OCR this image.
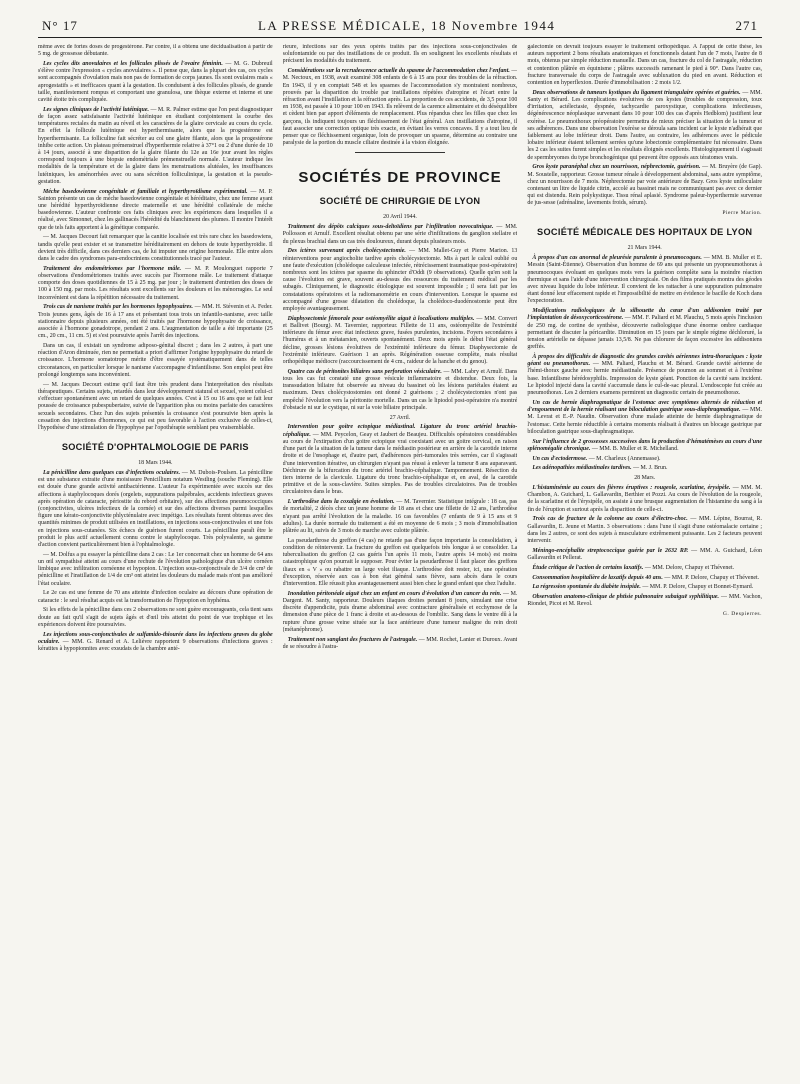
N° 17	LA PRESSE MÉDICALE, 18 Novembre 1944	271

même avec de fortes doses de progestérone. Par contre, il a obtenu une décidualisation à partir de 5 mg. de grossesse débutante.

Les cycles dits anovulaires et les follicules plissés de l'ovaire féminin. — M. G. Dubreuil s'élève contre l'expression « cycles anovulaires ». Il pense que, dans la plupart des cas, ces cycles sont accompagnés d'ovulation mais non pas de formation de corps jaunes. Ils sont ovulaires mais « aprogestatifs » et inefficaces quant à la gestation. Ils conduisent à des follicules plissés, de grande taille, manifestement rompus et comportant une granulosa, une thèque externe et interne et une cavité étoite très compliquée.

Les signes cliniques de l'activité lutéinique. — M. R. Palmer estime que l'on peut diagnostiquer de façon assez satisfaisante l'activité lutéinique en étudiant conjointement la courbe des températures rectales du matin au réveil et les caractères de la glaire cervicale au cours du cycle. En effet la follicule lutéinique est hyperthermisante, alors que la progestérone est hyperthermisante. La folliculine fait sécréter au col une glaire filante, alors que la progestérone inhibe cette action. Un plateau prémenstruel d'hyperthermie relative à 37°1 ou 2 d'une durée de 10 à 14 jours, associé à une disparition de la glaire filante du 12e au 16e jour avant les règles correspond toujours à une biopsie endométriale prémenstruelle normale. L'auteur indique les modalités de la température et de la glaire dans les menstruations alutéales, les insuffisances lutéiniques, les aménorrhées avec ou sans sécrétion folliculinique, la gestation et la pseudo-gestation.

Méche basedowienne congénitale et familiale et hyperthyroïdisme expérimental. — M. P. Sainton présente un cas de mèche basedowienne congénitale et héréditaire, chez une femme ayant une hérédité hyperthyroïdienne directe maternelle et une hérédité collatérale de mèche basedowienne. L'auteur confronte ces faits cliniques avec les expériences dans lesquelles il a réalisé, avec Simonnet, chez les gallinacés l'hérédité du blanchiment des plumes. Il montre l'intérêt que de tels faits apportent à la génétique comparée.

— M. Jacques Decourt fait remarquer que la canitie localisée est très rare chez les basedowiens, tandis qu'elle peut exister et se transmettre héréditairement en dehors de toute hyperthyroïdie. Il devient très difficile, dans ces derniers cas, de lui imputer une origine hormonale. Elle entre alors dans le cadre des syndromes para-endocriniens constitutionnels tracé par l'auteur.

Traitement des endométriomes par l'hormone mâle. — M. P. Moulonguet rapporte 7 observations d'endométriomes traités avec succès par l'hormone mâle. Le traitement d'attaque comporte des doses quotidiennes de 15 à 25 mg. par jour ; le traitement d'entretien des doses de 100 à 150 mg. par mois. Les résultats sont excellents sur les douleurs et les ménorragies. Le seul inconvénient est dans la répétition nécessaire du traitement.

Trois cas de nanisme traités par les hormones hypophysaires. — MM. H. Stévenin et A. Feder. Trois jeunes gens, âgés de 16 à 17 ans et présentant tous trois un infantilo-nanisme, avec taille stationnaire depuis plusieurs années, ont été traités par l'hormone hypophysaire de croissance, associée à l'hormone gonadotrope, pendant 2 ans. L'augmentation de taille a été importante (25 cm., 20 cm., 11 cm. 5) et s'est poursuivie après l'arrêt des injections.

Dans un cas, il existait un syndrome adiposo-génital discret ; dans les 2 autres, à part une réaction d'Aron diminuée, rien ne permettait a priori d'affirmer l'origine hypophysaire du retard de croissance. L'hormone somatotrope mérite d'être essayée systématiquement dans de telles circonstances, en particulier lorsque le nanisme s'accompagne d'infantilisme. Son emploi peut être prolongé longtemps sans inconvénient.

— M. Jacques Decourt estime qu'il faut être très prudent dans l'interprétation des résultats thérapeutiques. Certains sujets, retardés dans leur développement statural et sexuel, voient celui-ci s'effectuer spontanément avec un retard de quelques années. C'est à 15 ou 16 ans que se fait leur poussée de croissance pubespubertaire, suivie de l'apparition plus ou moins parfaite des caractères sexuels secondaires. Chez l'un des sujets présentés la croissance s'est poursuivie bien après la cessation des injections d'hormones, ce qui est peu favorable à l'action exclusive de celles-ci, l'hypothèse d'une stimulation de l'hypophyse par l'opothérapie semblant peu vraisemblable.

SOCIÉTÉ D'OPHTALMOLOGIE DE PARIS

18 Mars 1944.

La pénicilline dans quelques cas d'infections oculaires. — M. Dubois-Poulsen. La pénicilline est une substance extraite d'une moisissure Penicillium notatum Westling (souche Fleming). Elle est douée d'une grande activité antibactérienne. L'auteur l'a expérimentée avec succès sur des affections à staphylocoques dorés (orgelets, suppurations palpébrales, accidents infectieux graves après opération de cataracte, périostite du rebord orbitaire), sur des affections pneumococciques (conjonctivites, ulcères infectieux de la cornée) et sur des affections diverses parmi lesquelles figure une kérato-conjonctivite phlycténulaire avec impétigo. Les résultats furent obtenus avec des quantités minimes de produit utilisées en instillations, en injections sous-conjonctivales et une fois en injections sous-cutanées. Six échecs de guérison furent courts. La pénicilline paraît être le produit le plus actif actuellement connu contre le staphylocoque. Très polyvalente, sa gamme d'action convient particulièrement bien à l'ophtalmologie.

— M. Dolfus a pu essayer la pénicilline dans 2 cas : Le 1er concernait chez un homme de 64 ans un œil sympathisé atteint au cours d'une rechute de l'évolution pathologique d'un ulcère cornéen limbique avec infiltration cornéenne et hypopion. L'injection sous-conjonctivale de 3/4 de cm³ de pénicilline et l'instillation de 1/4 de cm³ ont atteint les douleurs du malade mais n'ont pas amélioré l'état oculaire.

Le 2e cas est une femme de 70 ans atteinte d'infection oculaire au décours d'une opération de cataracte : le seul résultat acquis est la transformation de l'hypopion en hyphéma.

Si les effets de la pénicilline dans ces 2 observations ne sont guère encourageants, cela tient sans doute au fait qu'il s'agit de sujets âgés et d'œil très atteint du point de vue trophique et les expériences doivent être poursuivies.

Les injections sous-conjonctivales de sulfamido-thiourée dans les infections graves du globe oculaire. — MM. G. Renard et A. Lelièvre rapportent 9 observations d'infections graves : kératites à hypopionnites avec exsudats de la chambre anté-

rieure, infections sur des yeux opérés traités par des injections sous-conjonctivales de solufontamide ou par des instillations de ce produit. Ils en soulignent les excellents résultats et précisent les modalités du traitement.

Considérations sur la recrudescence actuelle du spasme de l'accommodation chez l'enfant. — M. Nectoux, en 1938, avait examiné 308 enfants de 6 à 15 ans pour des troubles de la réfraction. En 1943, il y en comptait 548 et les spasmes de l'accommodation s'y montraient nombreux, prouvés par la disparition du trouble par instillations répétées d'atropine et l'écart entre la réfraction avant l'instillation et la réfraction après. La proportion de ces accidents, de 3,5 pour 100 en 1938, est passée à 10 pour 100 en 1943. Ils relèvent de la carence alimentaire et du déséquilibre et cèdent bien par apport d'éléments de remplacement. Plus répandus chez les filles que chez les garçons, ils indiquent toujours un fléchissement de l'état général. Aux instillations d'atropine, il faut associer une correction optique très exacte, en évitant les verres concaves. Il y a tout lieu de penser que ce fléchissement organique, loin de provoquer un spasme, détermine au contraire une paralysie de la portion du muscle ciliaire destinée à la vision éloignée.

SOCIÉTÉS DE PROVINCE
SOCIÉTÉ DE CHIRURGIE DE LYON

20 Avril 1944.

Traitement des dépôts calciques sous-deltoïdiens par l'infiltration novocaïnique. — MM. Pollosson et Arnulf. Excellent résultat obtenu par une série d'infiltrations du ganglion stellaire et du plexus brachial dans un cas très douloureux, durant depuis plusieurs mois.

Des ictères survenant après cholécystectomie. — MM. Mallet-Guy et Pierre Marion. 13 réinterventions pour angiocholite tardive après cholécystectomie. Mis à part le calcul oublié ou une faute d'exécution (cholédoque calculeuse infectée, rétrécissement traumatique post-opératoire) nombreux sont les ictères par spasme du sphincter d'Oddi (9 observations). Quelle qu'en soit la cause l'évolution est grave, souvent au-dessus des ressources du traitement médical par les subagés. Cliniquement, le diagnostic étiologique est souvent impossible ; il sera fait par les constatations opératoires et la radiomanométrie en cours d'intervention. Lorsque le spasme est accompagné d'une grosse dilatation du cholédoque, la cholédoco-duodénostomie peut être employée avantageusement.

Diaphysectomie fémorale pour ostéomyélite aiguë à localisations multiples. — MM. Convert et Ballivet (Bourg). M. Tavernier, rapporteur. Fillette de 11 ans, ostéomyélite de l'extrémité inférieure du fémur avec état infectieux grave, fusées purulentes, incisions. Foyers secondaires à l'humérus et à un métatarsien, ouverts spontanément. Deux mois après le début l'état général décline, grosses lésions évolutives de l'extrémité inférieure du fémur. Diaphysectomie de l'extrémité inférieure. Guérison 1 an après. Régénération osseuse complète, mais résultat orthopédique médiocre (raccourcissement de 4 cm., raideur de la hanche et du genou).

Quatre cas de péritonites biliaires sans perforation vésiculaire. — MM. Labry et Arnulf. Dans tous les cas fut constaté une grosse vésicule inflammatoire et distendue. Deux fois, la transsudation biliaire fut observée au niveau du bassinet où les lésions pariétales étaient au maximum. Deux cholécystostomies ont donné 2 guérisons ; 2 cholécystectomies n'ont pas empêché l'évolution vers la péritonite mortelle. Dans un cas le lipiodol post-opératoire n'a montré d'obstacle ni sur le cystique, ni sur la voie biliaire principale.

27 Avril.

Intervention pour goitre ectopique médiastinal. Ligature du tronc artériel brachio-céphalique. — MM. Peycelon, Geay et Jaubert de Beaujeu. Difficultés opératoires considérables au cours de l'extirpation d'un goitre ectopique vrai coexistant avec un goitre cervical, en raison d'une part de la situation de la tumeur dans le médiastin postérieur en arrière de la carotide interne droite et de l'œsophage et, d'autre part, d'adhérences péri-tumorales très serrées, car il s'agissait d'une intervention itérative, un chirurgien n'ayant pas réussi à enlever la tumeur 8 ans auparavant. Déchirure de la bifurcation du tronc artériel brachio-céphalique. Tamponnement. Résection du tiers interne de la clavicule. Ligature du tronc brachio-céphalique et, en aval, de la carotide primitive et de la sous-clavière. Suites simples. Pas de troubles circulatoires. Pas de troubles circulatoires dans le bras.

L'arthrodèse dans la coxalgie en évolution. — M. Tavernier. Statistique intégrale : 18 cas, pas de mortalité, 2 décès chez un jeune homme de 18 ans et chez une fillette de 12 ans, l'arthrodèse n'ayant pas arrêté l'évolution de la maladie. 16 cas favorables (7 enfants de 9 à 15 ans et 9 adultes). La durée normale du traitement a été en moyenne de 6 mois ; 3 mois d'immobilisation plâtrée au lit, suivis de 3 mois de marche avec culotte plâtrée.

La pseudarthrose du greffon (4 cas) ne retarde pas d'une façon importante la consolidation, à condition de réintervenir. La fracture du greffon est quelquefois très longue à se consolider. La tuberculisation du greffon (2 cas guéris l'un après 11 mois, l'autre après 14 mois) est moins catastrophique qu'on pourrait le supposer. Pour éviter la pseudarthrose il faut placer des greffons iliaux en « V » ou rabattre un large volet iliaque. L'arthrodèse doit rester, ici, une opération d'exception, réservée aux cas à bon état général sans fièvre, sans abcès dans le cours d'intervention. Elle réussit plus avantageusement aussi bien chez le grand enfant que chez l'adulte.

Inondation péritonéale aiguë chez un enfant en cours d'évolution d'un cancer du rein. — M. Dargent. M. Santy, rapporteur. Douleurs iliaques droites pendant 8 jours, simulant une crise discrète d'appendicite, puis drame abdominal avec contracture généralisée et ecchymose de la dimension d'une pièce de 1 franc à droite et au-dessous de l'ombilic. Sang dans le ventre dû à la rupture d'une grosse veine située sur la face antérieure d'une tumeur maligne du rein droit (métanéphrome).

Traitement non sanglant des fractures de l'astragale. — MM. Rochet, Lanier et Duroux. Avant de se résoudre à l'astra-

galectomie on devrait toujours essayer le traitement orthopédique. À l'appui de cette thèse, les auteurs rapportent 2 bons résultats anatomiques et fonctionnels datant l'un de 7 mois, l'autre de 8 mois, obtenus par simple réduction manuelle. Dans un cas, fracture du col de l'astragale, réduction et contention plâtrée en équinisme ; plâtres successifs ramenant le pied à 90°. Dans l'autre cas, fracture transversale du corps de l'astragale avec subluxation du pied en avant. Réduction et contention en hyperflexion. Durée d'immobilisation : 2 mois 1/2.

Deux observations de tumeurs kystiques du ligament triangulaire opérées et guéries. — MM. Santy et Bérard. Les complications évolutives de ces kystes (troubles de compression, toux d'irritation, actélectasie, dyspnée, tachycardie paroxystique, complications infectieuses, dégénérescence néoplasique survenant dans 10 pour 100 des cas d'après Hedblom) justifient leur exérèse. Le pneumothorax préopératoire permettra de mieux préciser la situation de la tumeur et ses adhérences. Dans une observation l'exérèse se déroula sans incident car le kyste n'adhérait que faiblement au lobe inférieur droit. Dans l'autre, au contraire, les adhérences avec le pédicule lobaire inférieur étaient tellement serrées qu'une lobectomie complémentaire fut nécessaire. Dans les 2 cas les suites furent simples et les résultats éloignés excellents. Histologiquement il s'agissait de spermbryomes du type bronchogénique qui peuvent être opposés aux tératomes vrais.

Gros kyste paranéphal chez un nourrisson, néphrectomie, guérison. — M. Bruyère (de Gap). M. Soustelle, rapporteur. Grosse tumeur rénale à développement abdominal, sans autre symptôme, chez un nourrisson de 7 mois. Néphrectomie par voie antérieure de Bazy. Gros kyste uniloculaire contenant un litre de liquide citrin, accolé au bassinet mais ne communiquant pas avec ce dernier qui est distendu. Rein polykystique. Tissu rénal aplasié. Syndrome paleur-hyperthermie survenue de jus-sesse (adrénaline, lavements froids, sérum).

Pierre Marion.

SOCIÉTÉ MÉDICALE DES HOPITAUX DE LYON

21 Mars 1944.

À propos d'un cas anormal de pleurésie purulente à pneumocoques. — MM. B. Muller et E. Messin (Saint-Étienne). Observation d'un homme de 69 ans qui présente un pyopneumothorax à pneumocoques évoluant en quelques mois vers la guérison complète sans la moindre réaction thermique et sans l'aide d'une intervention chirurgicale. On des films pratiqués montra des géodes avec niveau liquide du lobe inférieur. Il convient de les rattacher à une suppuration pulmonaire étant donné leur effacement rapide et l'impossibilité de mettre en évidence le bacille de Koch dans l'expectoration.

Modifications radiologiques de la silhouette du cœur d'un addisonien traité par l'implantation de désoxycorticostérone. — MM. F. Paliard et M. Plauchu, 5 mois après l'inclusion de 250 mg. de cortine de synthèse, découverte radiologique d'une énorme ombre cardiaque permettant de discuter la péricardite. Diminution en 15 jours par le simple régime déchloruré, la tension artérielle ne dépasse jamais 13,5/8. Ne pas chlorurer de façon excessive les addisoniens greffés.

À propos des difficultés de diagnostic des grandes cavités aériennes intra-thoraciques : kyste géant ou pneumothorax. — MM. Paliard, Plauchu et M. Bérard. Grande cavité aérienne de l'hémi-thorax gauche avec hernie médiastinale. Présence de poumon au sommet et à l'extrême base. Infantilisme hérédosyphilis. Impression de kyste géant. Ponction de la cavité sans incident. Le lipiodol injecté dans la cavité s'accumule dans le cul-de-sac pleural. L'endoscopie fut créée au pneumothorax. Les 2 derniers examens permirent un diagnostic certain de pneumothorax.

Un cas de hernie diaphragmatique de l'estomac avec symptômes alternés de réduction et d'engouement de la hernie réalisant une biloculation gastrique sous-diaphragmatique. — MM. M. Levrat et E.-P. Naudin. Observation d'une malade atteinte de hernie diaphragmatique de l'estomac. Cette hernie réductible à certains moments réalisait à d'autres un blocage gastrique par biloculation gastrique sous-diaphragmatique.

Sur l'influence de 2 grossesses successives dans la production d'hématémèses au cours d'une splénomégalie chronique. — MM. B. Muller et R. Michelland.

Un cas d'ectodermose. — M. Charleux (Annemasse).

Les adénopathies médiastinales tardives. — M. J. Brun.

28 Mars.

L'histaminémie au cours des fièvres éruptives : rougeole, scarlatine, érysipèle. — MM. M. Chambon, A. Guichard, L. Gallavardin, Berthier et Pozzi. Au cours de l'évolution de la rougeole, de la scarlatine et de l'érysipèle, on assiste à une brusque augmentation de l'histamine du sang à la fin de l'éruption et surtout après la disparition de celle-ci.

Trois cas de fracture de la colonne au cours d'électro-choc. — MM. Lépine, Bourrat, R. Gallavardin, E. Jeune et Martin. 3 observations : dans l'une il s'agit d'une ostéomalacie certaine ; dans les 2 autres, ce sont des sujets à musculature extrêmement puissante. Les 2 facteurs peuvent intervenir.

Méningo-encéphalite streptococcique guérie par le 2632 RP. — MM. A. Guichard, Léon Gallavardin et Pellerat.

Étude critique de l'action de certains laxatifs. — MM. Delore, Chapuy et Thévenet.

Consommation hospitalière de laxatifs depuis 40 ans. — MM. P. Delore, Chapuy et Thévenet.

La régression spontanée du diabète insipide. — MM. P. Delore, Chapuy et Bonnet-Eymard.

Observation anatomo-clinique de phtisie pulmonaire subaiguë syphilitique. — MM. Vachon, Riondet, Picot et M. Revol.

G. Despierres.
